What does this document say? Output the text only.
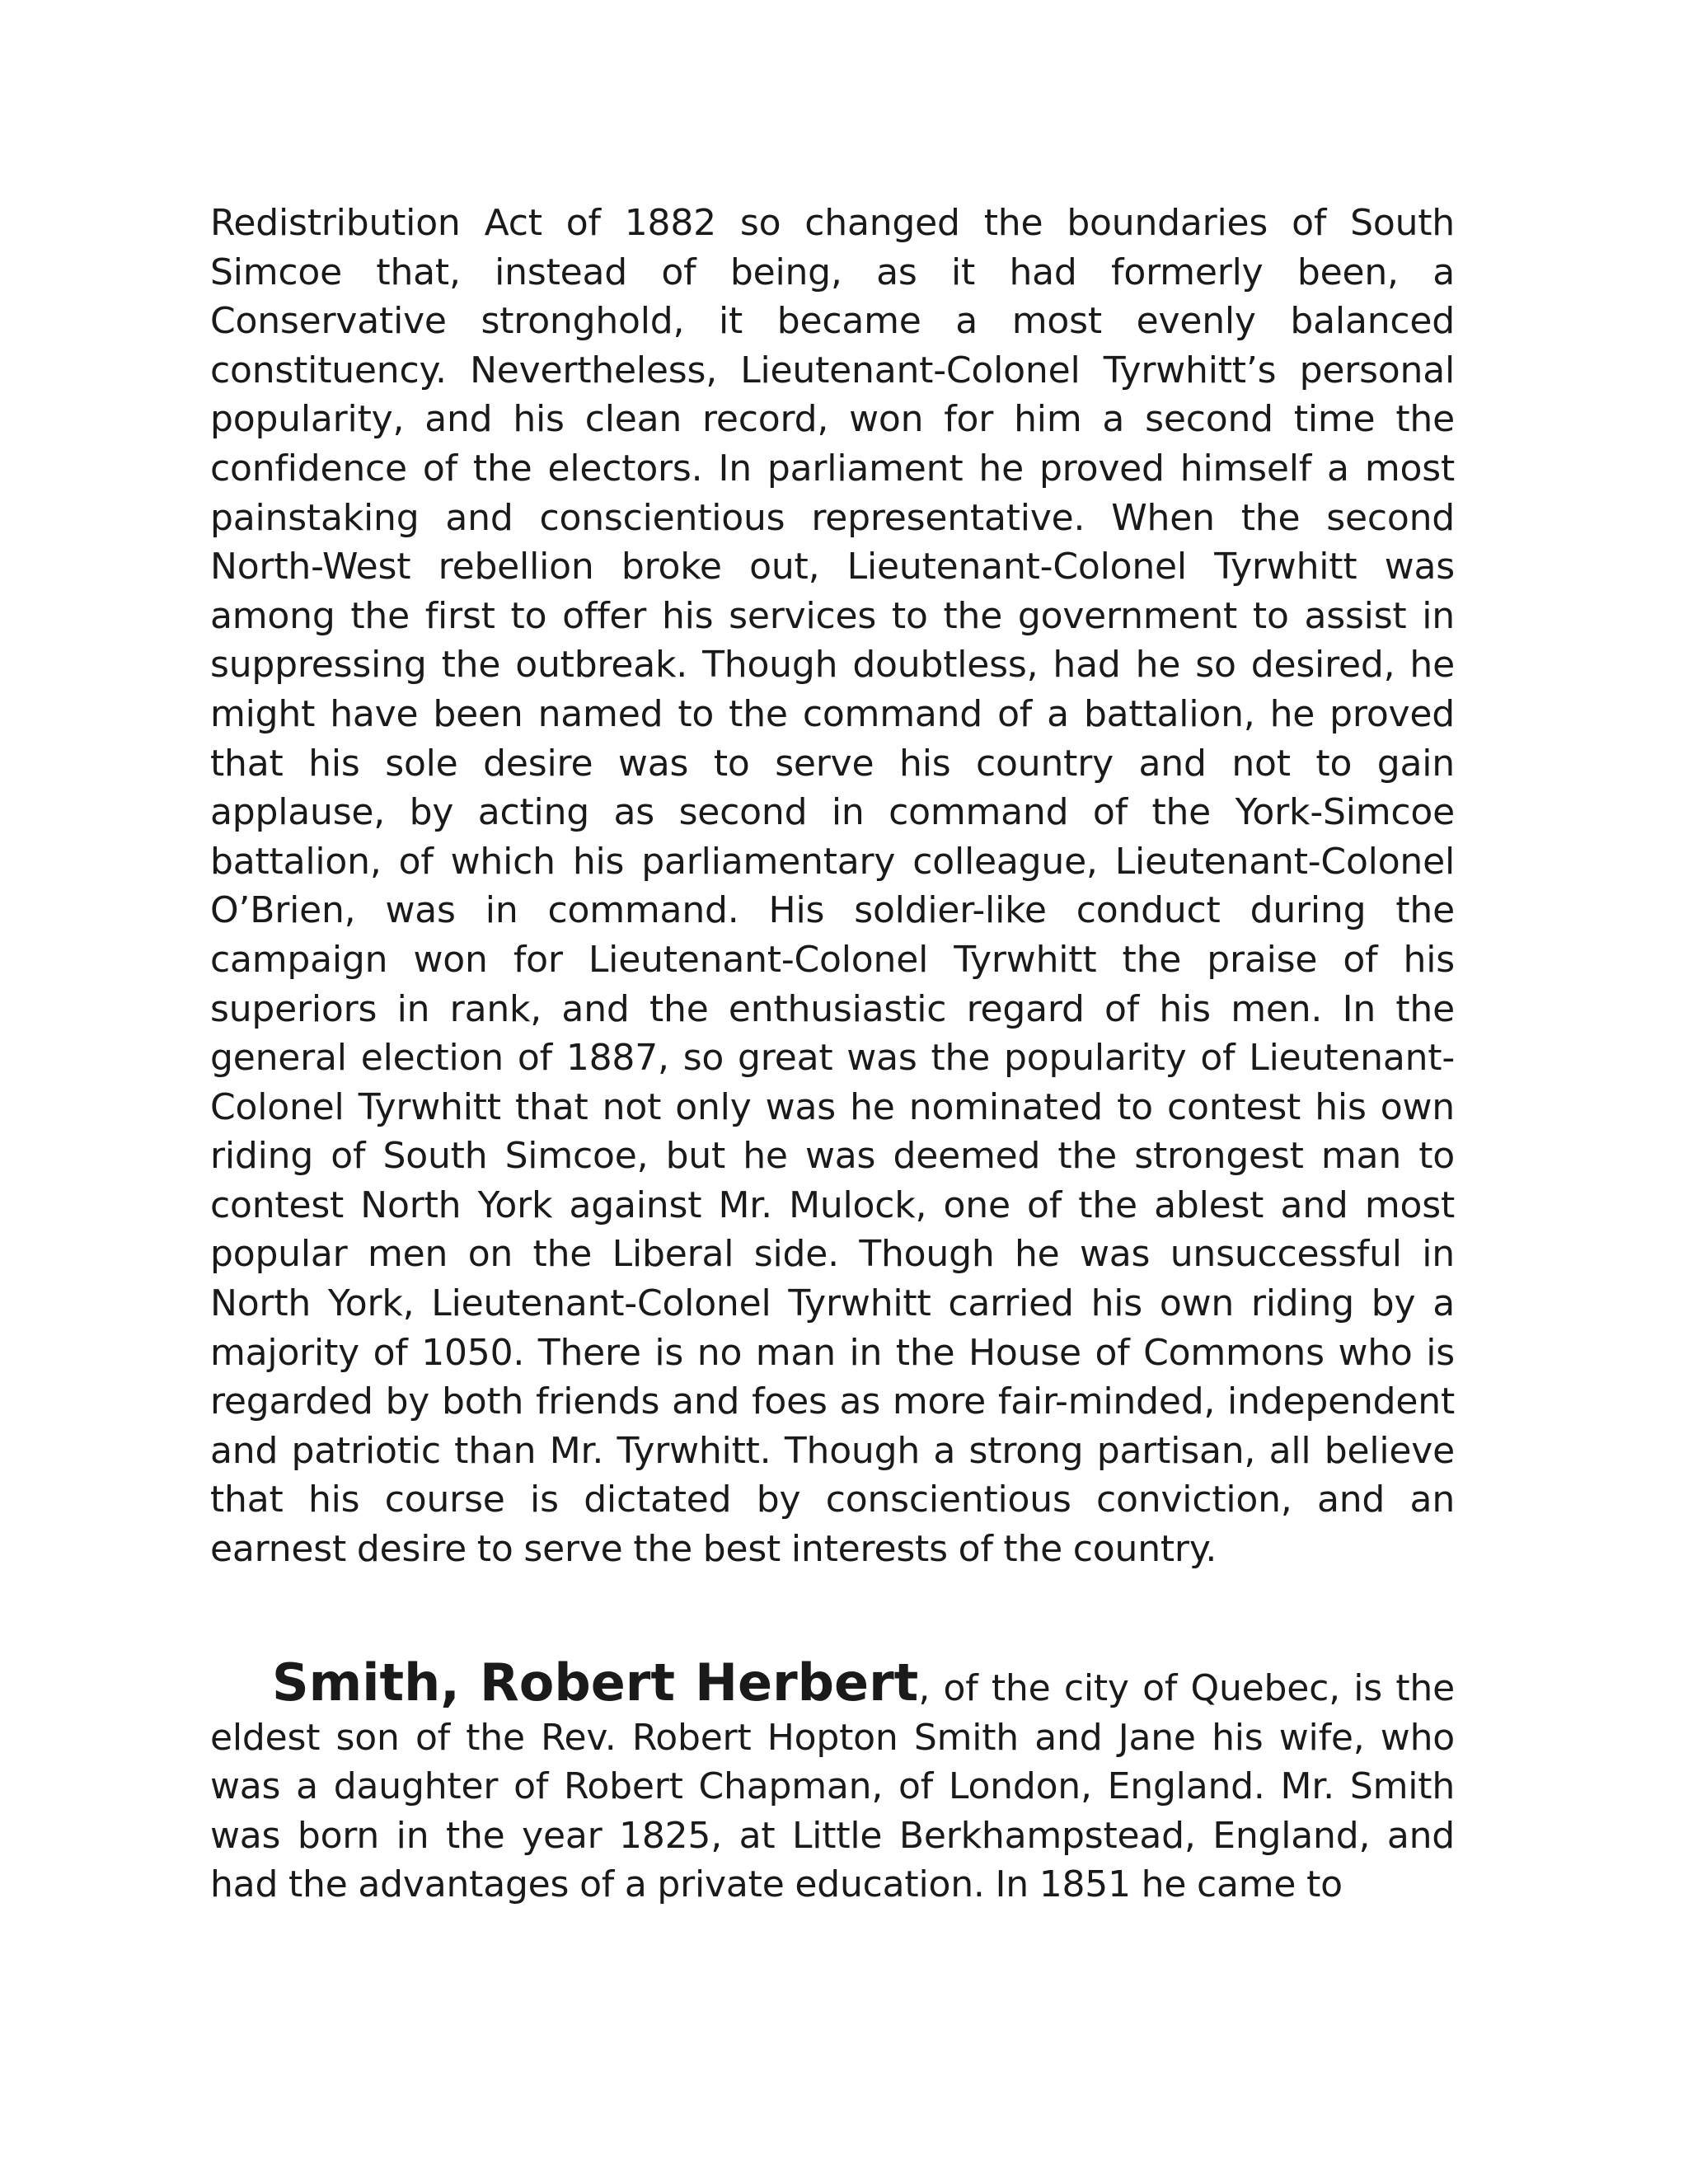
Redistribution Act of 1882 so changed the boundaries of South Simcoe that, instead of being, as it had formerly been, a Conservative stronghold, it became a most evenly balanced constituency. Nevertheless, Lieutenant-Colonel Tyrwhitt’s personal popularity, and his clean record, won for him a second time the confidence of the electors. In parliament he proved himself a most painstaking and conscientious representative. When the second North-West rebellion broke out, Lieutenant-Colonel Tyrwhitt was among the first to offer his services to the government to assist in suppressing the outbreak. Though doubtless, had he so desired, he might have been named to the command of a battalion, he proved that his sole desire was to serve his country and not to gain applause, by acting as second in command of the York-Simcoe battalion, of which his parliamentary colleague, Lieutenant-Colonel O’Brien, was in command. His soldier-like conduct during the campaign won for Lieutenant-Colonel Tyrwhitt the praise of his superiors in rank, and the enthusiastic regard of his men. In the general election of 1887, so great was the popularity of Lieutenant-Colonel Tyrwhitt that not only was he nominated to contest his own riding of South Simcoe, but he was deemed the strongest man to contest North York against Mr. Mulock, one of the ablest and most popular men on the Liberal side. Though he was unsuccessful in North York, Lieutenant-Colonel Tyrwhitt carried his own riding by a majority of 1050. There is no man in the House of Commons who is regarded by both friends and foes as more fair-minded, independent and patriotic than Mr. Tyrwhitt. Though a strong partisan, all believe that his course is dictated by conscientious conviction, and an earnest desire to serve the best interests of the country.

Smith, Robert Herbert, of the city of Quebec, is the eldest son of the Rev. Robert Hopton Smith and Jane his wife, who was a daughter of Robert Chapman, of London, England. Mr. Smith was born in the year 1825, at Little Berkhampstead, England, and had the advantages of a private education. In 1851 he came to
